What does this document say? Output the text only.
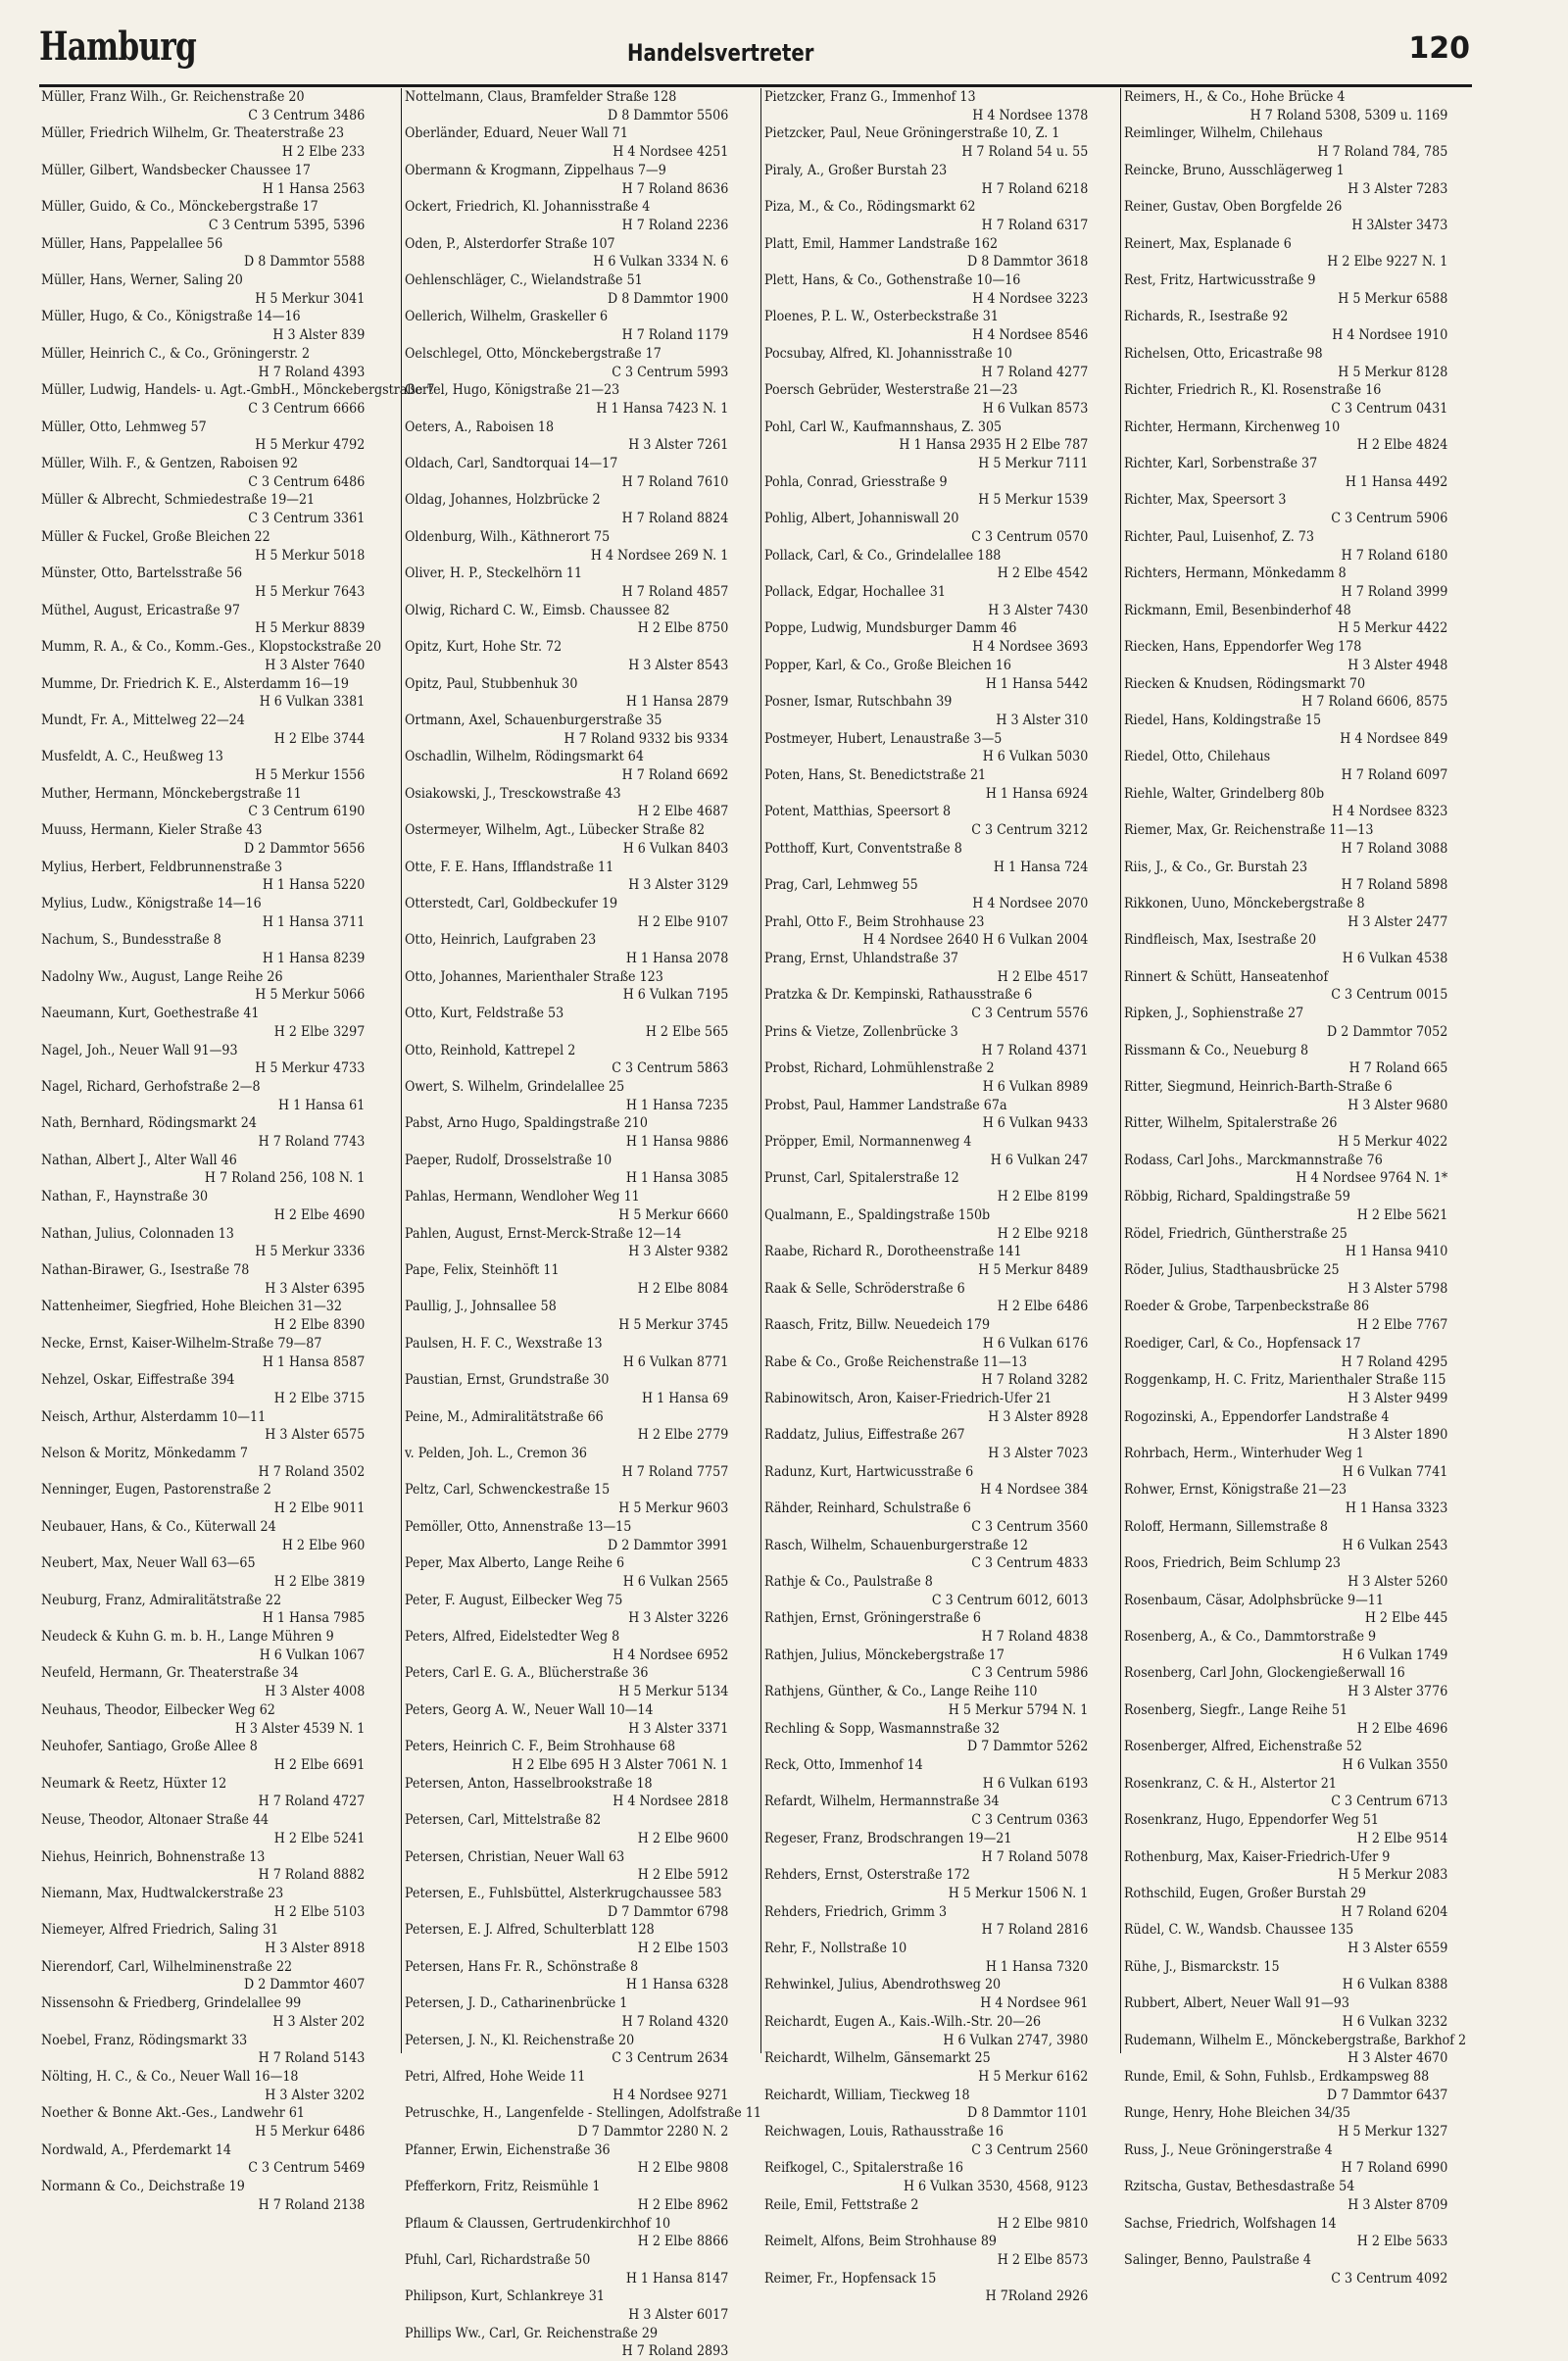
Hamburg	Handelsvertreter	120
Müller, Franz Wilh., Gr. Reichenstraße 20
C 3 Centrum 3486
Müller, Friedrich Wilhelm, Gr. Theaterstraße 23
H 2 Elbe 233
Müller, Gilbert, Wandsbecker Chaussee 17
H 1 Hansa 2563
Müller, Guido, & Co., Mönckebergstraße 17
C 3 Centrum 5395, 5396
Müller, Hans, Pappelallee 56
D 8 Dammtor 5588
Müller, Hans, Werner, Saling 20
H 5 Merkur 3041
Müller, Hugo, & Co., Königstraße 14—16
H 3 Alster 839
Müller, Heinrich C., & Co., Gröningerstr. 2
H 7 Roland 4393
Müller, Ludwig, Handels- u. Agt.-GmbH., Mönckebergstraße 7
C 3 Centrum 6666
Müller, Otto, Lehmweg 57
H 5 Merkur 4792
Müller, Wilh. F., & Gentzen, Raboisen 92
C 3 Centrum 6486
Müller & Albrecht, Schmiedestraße 19—21
C 3 Centrum 3361
Müller & Fuckel, Große Bleichen 22
H 5 Merkur 5018
Münster, Otto, Bartelsstraße 56
H 5 Merkur 7643
Müthel, August, Ericastraße 97
H 5 Merkur 8839
Mumm, R. A., & Co., Komm.-Ges., Klopstockstraße 20
H 3 Alster 7640
Mumme, Dr. Friedrich K. E., Alsterdamm 16—19
H 6 Vulkan 3381
Mundt, Fr. A., Mittelweg 22—24
H 2 Elbe 3744
Musfeldt, A. C., Heußweg 13
H 5 Merkur 1556
Muther, Hermann, Mönckebergstraße 11
C 3 Centrum 6190
Muuss, Hermann, Kieler Straße 43
D 2 Dammtor 5656
Mylius, Herbert, Feldbrunnenstraße 3
H 1 Hansa 5220
Mylius, Ludw., Königstraße 14—16
H 1 Hansa 3711
Nachum, S., Bundesstraße 8
H 1 Hansa 8239
Nadolny Ww., August, Lange Reihe 26
H 5 Merkur 5066
Naeumann, Kurt, Goethestraße 41
H 2 Elbe 3297
Nagel, Joh., Neuer Wall 91—93
H 5 Merkur 4733
Nagel, Richard, Gerhofstraße 2—8
H 1 Hansa 61
Nath, Bernhard, Rödingsmarkt 24
H 7 Roland 7743
Nathan, Albert J., Alter Wall 46
H 7 Roland 256, 108 N. 1
Nathan, F., Haynstraße 30
H 2 Elbe 4690
Nathan, Julius, Colonnaden 13
H 5 Merkur 3336
Nathan-Birawer, G., Isestraße 78
H 3 Alster 6395
Nattenheimer, Siegfried, Hohe Bleichen 31—32
H 2 Elbe 8390
Necke, Ernst, Kaiser-Wilhelm-Straße 79—87
H 1 Hansa 8587
Nehzel, Oskar, Eiffestraße 394
H 2 Elbe 3715
Neisch, Arthur, Alsterdamm 10—11
H 3 Alster 6575
Nelson & Moritz, Mönkedamm 7
H 7 Roland 3502
Nenninger, Eugen, Pastorenstraße 2
H 2 Elbe 9011
Neubauer, Hans, & Co., Küterwall 24
H 2 Elbe 960
Neubert, Max, Neuer Wall 63—65
H 2 Elbe 3819
Neuburg, Franz, Admiralitätstraße 22
H 1 Hansa 7985
Neudeck & Kuhn G. m. b. H., Lange Mühren 9
H 6 Vulkan 1067
Neufeld, Hermann, Gr. Theaterstraße 34
H 3 Alster 4008
Neuhaus, Theodor, Eilbecker Weg 62
H 3 Alster 4539 N. 1
Neuhofer, Santiago, Große Allee 8
H 2 Elbe 6691
Neumark & Reetz, Hüxter 12
H 7 Roland 4727
Neuse, Theodor, Altonaer Straße 44
H 2 Elbe 5241
Niehus, Heinrich, Bohnenstraße 13
H 7 Roland 8882
Niemann, Max, Hudtwalckerstraße 23
H 2 Elbe 5103
Niemeyer, Alfred Friedrich, Saling 31
H 3 Alster 8918
Nierendorf, Carl, Wilhelminenstraße 22
D 2 Dammtor 4607
Nissensohn & Friedberg, Grindelallee 99
H 3 Alster 202
Noebel, Franz, Rödingsmarkt 33
H 7 Roland 5143
Nölting, H. C., & Co., Neuer Wall 16—18
H 3 Alster 3202
Noether & Bonne Akt.-Ges., Landwehr 61
H 5 Merkur 6486
Nordwald, A., Pferdemarkt 14
C 3 Centrum 5469
Normann & Co., Deichstraße 19
H 7 Roland 2138
Nottelmann, Claus, Bramfelder Straße 128
D 8 Dammtor 5506
Oberländer, Eduard, Neuer Wall 71
H 4 Nordsee 4251
Obermann & Krogmann, Zippelhaus 7—9
H 7 Roland 8636
Ockert, Friedrich, Kl. Johannisstraße 4
H 7 Roland 2236
Oden, P., Alsterdorfer Straße 107
H 6 Vulkan 3334 N. 6
Oehlenschläger, C., Wielandstraße 51
D 8 Dammtor 1900
Oellerich, Wilhelm, Graskeller 6
H 7 Roland 1179
Oelschlegel, Otto, Mönckebergstraße 17
C 3 Centrum 5993
Oertel, Hugo, Königstraße 21—23
H 1 Hansa 7423 N. 1
Oeters, A., Raboisen 18
H 3 Alster 7261
Oldach, Carl, Sandtorquai 14—17
H 7 Roland 7610
Oldag, Johannes, Holzbrücke 2
H 7 Roland 8824
Oldenburg, Wilh., Käthnerort 75
H 4 Nordsee 269 N. 1
Oliver, H. P., Steckelhörn 11
H 7 Roland 4857
Olwig, Richard C. W., Eimsb. Chaussee 82
H 2 Elbe 8750
Opitz, Kurt, Hohe Str. 72
H 3 Alster 8543
Opitz, Paul, Stubbenhuk 30
H 1 Hansa 2879
Ortmann, Axel, Schauenburgerstraße 35
H 7 Roland 9332 bis 9334
Oschadlin, Wilhelm, Rödingsmarkt 64
H 7 Roland 6692
Osiakowski, J., Tresckowstraße 43
H 2 Elbe 4687
Ostermeyer, Wilhelm, Agt., Lübecker Straße 82
H 6 Vulkan 8403
Otte, F. E. Hans, Ifflandstraße 11
H 3 Alster 3129
Otterstedt, Carl, Goldbeckufer 19
H 2 Elbe 9107
Otto, Heinrich, Laufgraben 23
H 1 Hansa 2078
Otto, Johannes, Marienthaler Straße 123
H 6 Vulkan 7195
Otto, Kurt, Feldstraße 53
H 2 Elbe 565
Otto, Reinhold, Kattrepel 2
C 3 Centrum 5863
Owert, S. Wilhelm, Grindelallee 25
H 1 Hansa 7235
Pabst, Arno Hugo, Spaldingstraße 210
H 1 Hansa 9886
Paeper, Rudolf, Drosselstraße 10
H 1 Hansa 3085
Pahlas, Hermann, Wendloher Weg 11
H 5 Merkur 6660
Pahlen, August, Ernst-Merck-Straße 12—14
H 3 Alster 9382
Pape, Felix, Steinhöft 11
H 2 Elbe 8084
Paullig, J., Johnsallee 58
H 5 Merkur 3745
Paulsen, H. F. C., Wexstraße 13
H 6 Vulkan 8771
Paustian, Ernst, Grundstraße 30
H 1 Hansa 69
Peine, M., Admiralitätstraße 66
H 2 Elbe 2779
v. Pelden, Joh. L., Cremon 36
H 7 Roland 7757
Peltz, Carl, Schwenckestraße 15
H 5 Merkur 9603
Pemöller, Otto, Annenstraße 13—15
D 2 Dammtor 3991
Peper, Max Alberto, Lange Reihe 6
H 6 Vulkan 2565
Peter, F. August, Eilbecker Weg 75
H 3 Alster 3226
Peters, Alfred, Eidelstedter Weg 8
H 4 Nordsee 6952
Peters, Carl E. G. A., Blücherstraße 36
H 5 Merkur 5134
Peters, Georg A. W., Neuer Wall 10—14
H 3 Alster 3371
Peters, Heinrich C. F., Beim Strohhause 68
H 2 Elbe 695 H 3 Alster 7061 N. 1
Petersen, Anton, Hasselbrookstraße 18
H 4 Nordsee 2818
Petersen, Carl, Mittelstraße 82
H 2 Elbe 9600
Petersen, Christian, Neuer Wall 63
H 2 Elbe 5912
Petersen, E., Fuhlsbüttel, Alsterkrugchaussee 583
D 7 Dammtor 6798
Petersen, E. J. Alfred, Schulterblatt 128
H 2 Elbe 1503
Petersen, Hans Fr. R., Schönstraße 8
H 1 Hansa 6328
Petersen, J. D., Catharinenbrücke 1
H 7 Roland 4320
Petersen, J. N., Kl. Reichenstraße 20
C 3 Centrum 2634
Petri, Alfred, Hohe Weide 11
H 4 Nordsee 9271
Petruschke, H., Langenfelde - Stellingen, Adolfstraße 11
D 7 Dammtor 2280 N. 2
Pfanner, Erwin, Eichenstraße 36
H 2 Elbe 9808
Pfefferkorn, Fritz, Reismühle 1
H 2 Elbe 8962
Pflaum & Claussen, Gertrudenkirchhof 10
H 2 Elbe 8866
Pfuhl, Carl, Richardstraße 50
H 1 Hansa 8147
Philipson, Kurt, Schlankreye 31
H 3 Alster 6017
Phillips Ww., Carl, Gr. Reichenstraße 29
H 7 Roland 2893
Pietzcker, Franz G., Immenhof 13
H 4 Nordsee 1378
Pietzcker, Paul, Neue Gröningerstraße 10, Z. 1
H 7 Roland 54 u. 55
Piraly, A., Großer Burstah 23
H 7 Roland 6218
Piza, M., & Co., Rödingsmarkt 62
H 7 Roland 6317
Platt, Emil, Hammer Landstraße 162
D 8 Dammtor 3618
Plett, Hans, & Co., Gothenstraße 10—16
H 4 Nordsee 3223
Ploenes, P. L. W., Osterbeckstraße 31
H 4 Nordsee 8546
Pocsubay, Alfred, Kl. Johannisstraße 10
H 7 Roland 4277
Poersch Gebrüder, Westerstraße 21—23
H 6 Vulkan 8573
Pohl, Carl W., Kaufmannshaus, Z. 305
H 1 Hansa 2935 H 2 Elbe 787
H 5 Merkur 7111
Pohla, Conrad, Griesstraße 9
H 5 Merkur 1539
Pohlig, Albert, Johanniswall 20
C 3 Centrum 0570
Pollack, Carl, & Co., Grindelallee 188
H 2 Elbe 4542
Pollack, Edgar, Hochallee 31
H 3 Alster 7430
Poppe, Ludwig, Mundsburger Damm 46
H 4 Nordsee 3693
Popper, Karl, & Co., Große Bleichen 16
H 1 Hansa 5442
Posner, Ismar, Rutschbahn 39
H 3 Alster 310
Postmeyer, Hubert, Lenaustraße 3—5
H 6 Vulkan 5030
Poten, Hans, St. Benedictstraße 21
H 1 Hansa 6924
Potent, Matthias, Speersort 8
C 3 Centrum 3212
Potthoff, Kurt, Conventstraße 8
H 1 Hansa 724
Prag, Carl, Lehmweg 55
H 4 Nordsee 2070
Prahl, Otto F., Beim Strohhause 23
H 4 Nordsee 2640 H 6 Vulkan 2004
Prang, Ernst, Uhlandstraße 37
H 2 Elbe 4517
Pratzka & Dr. Kempinski, Rathausstraße 6
C 3 Centrum 5576
Prins & Vietze, Zollenbrücke 3
H 7 Roland 4371
Probst, Richard, Lohmühlenstraße 2
H 6 Vulkan 8989
Probst, Paul, Hammer Landstraße 67a
H 6 Vulkan 9433
Pröpper, Emil, Normannenweg 4
H 6 Vulkan 247
Prunst, Carl, Spitalerstraße 12
H 2 Elbe 8199
Qualmann, E., Spaldingstraße 150b
H 2 Elbe 9218
Raabe, Richard R., Dorotheenstraße 141
H 5 Merkur 8489
Raak & Selle, Schröderstraße 6
H 2 Elbe 6486
Raasch, Fritz, Billw. Neuedeich 179
H 6 Vulkan 6176
Rabe & Co., Große Reichenstraße 11—13
H 7 Roland 3282
Rabinowitsch, Aron, Kaiser-Friedrich-Ufer 21
H 3 Alster 8928
Raddatz, Julius, Eiffestraße 267
H 3 Alster 7023
Radunz, Kurt, Hartwicusstraße 6
H 4 Nordsee 384
Rähder, Reinhard, Schulstraße 6
C 3 Centrum 3560
Rasch, Wilhelm, Schauenburgerstraße 12
C 3 Centrum 4833
Rathje & Co., Paulstraße 8
C 3 Centrum 6012, 6013
Rathjen, Ernst, Gröningerstraße 6
H 7 Roland 4838
Rathjen, Julius, Mönckebergstraße 17
C 3 Centrum 5986
Rathjens, Günther, & Co., Lange Reihe 110
H 5 Merkur 5794 N. 1
Rechling & Sopp, Wasmannstraße 32
D 7 Dammtor 5262
Reck, Otto, Immenhof 14
H 6 Vulkan 6193
Refardt, Wilhelm, Hermannstraße 34
C 3 Centrum 0363
Regeser, Franz, Brodschrangen 19—21
H 7 Roland 5078
Rehders, Ernst, Osterstraße 172
H 5 Merkur 1506 N. 1
Rehders, Friedrich, Grimm 3
H 7 Roland 2816
Rehr, F., Nollstraße 10
H 1 Hansa 7320
Rehwinkel, Julius, Abendrothsweg 20
H 4 Nordsee 961
Reichardt, Eugen A., Kais.-Wilh.-Str. 20—26
H 6 Vulkan 2747, 3980
Reichardt, Wilhelm, Gänsemarkt 25
H 5 Merkur 6162
Reichardt, William, Tieckweg 18
D 8 Dammtor 1101
Reichwagen, Louis, Rathausstraße 16
C 3 Centrum 2560
Reifkogel, C., Spitalerstraße 16
H 6 Vulkan 3530, 4568, 9123
Reile, Emil, Fettstraße 2
H 2 Elbe 9810
Reimelt, Alfons, Beim Strohhause 89
H 2 Elbe 8573
Reimer, Fr., Hopfensack 15
H 7Roland 2926
Reimers, H., & Co., Hohe Brücke 4
H 7 Roland 5308, 5309 u. 1169
Reimlinger, Wilhelm, Chilehaus
H 7 Roland 784, 785
Reincke, Bruno, Ausschlägerweg 1
H 3 Alster 7283
Reiner, Gustav, Oben Borgfelde 26
H 3Alster 3473
Reinert, Max, Esplanade 6
H 2 Elbe 9227 N. 1
Rest, Fritz, Hartwicusstraße 9
H 5 Merkur 6588
Richards, R., Isestraße 92
H 4 Nordsee 1910
Richelsen, Otto, Ericastraße 98
H 5 Merkur 8128
Richter, Friedrich R., Kl. Rosenstraße 16
C 3 Centrum 0431
Richter, Hermann, Kirchenweg 10
H 2 Elbe 4824
Richter, Karl, Sorbenstraße 37
H 1 Hansa 4492
Richter, Max, Speersort 3
C 3 Centrum 5906
Richter, Paul, Luisenhof, Z. 73
H 7 Roland 6180
Richters, Hermann, Mönkedamm 8
H 7 Roland 3999
Rickmann, Emil, Besenbinderhof 48
H 5 Merkur 4422
Riecken, Hans, Eppendorfer Weg 178
H 3 Alster 4948
Riecken & Knudsen, Rödingsmarkt 70
H 7 Roland 6606, 8575
Riedel, Hans, Koldingstraße 15
H 4 Nordsee 849
Riedel, Otto, Chilehaus
H 7 Roland 6097
Riehle, Walter, Grindelberg 80b
H 4 Nordsee 8323
Riemer, Max, Gr. Reichenstraße 11—13
H 7 Roland 3088
Riis, J., & Co., Gr. Burstah 23
H 7 Roland 5898
Rikkonen, Uuno, Mönckebergstraße 8
H 3 Alster 2477
Rindfleisch, Max, Isestraße 20
H 6 Vulkan 4538
Rinnert & Schütt, Hanseatenhof
C 3 Centrum 0015
Ripken, J., Sophienstraße 27
D 2 Dammtor 7052
Rissmann & Co., Neueburg 8
H 7 Roland 665
Ritter, Siegmund, Heinrich-Barth-Straße 6
H 3 Alster 9680
Ritter, Wilhelm, Spitalerstraße 26
H 5 Merkur 4022
Rodass, Carl Johs., Marckmannstraße 76
H 4 Nordsee 9764 N. 1*
Röbbig, Richard, Spaldingstraße 59
H 2 Elbe 5621
Rödel, Friedrich, Güntherstraße 25
H 1 Hansa 9410
Röder, Julius, Stadthausbrücke 25
H 3 Alster 5798
Roeder & Grobe, Tarpenbeckstraße 86
H 2 Elbe 7767
Roediger, Carl, & Co., Hopfensack 17
H 7 Roland 4295
Roggenkamp, H. C. Fritz, Marienthaler Straße 115
H 3 Alster 9499
Rogozinski, A., Eppendorfer Landstraße 4
H 3 Alster 1890
Rohrbach, Herm., Winterhuder Weg 1
H 6 Vulkan 7741
Rohwer, Ernst, Königstraße 21—23
H 1 Hansa 3323
Roloff, Hermann, Sillemstraße 8
H 6 Vulkan 2543
Roos, Friedrich, Beim Schlump 23
H 3 Alster 5260
Rosenbaum, Cäsar, Adolphsbrücke 9—11
H 2 Elbe 445
Rosenberg, A., & Co., Dammtorstraße 9
H 6 Vulkan 1749
Rosenberg, Carl John, Glockengießerwall 16
H 3 Alster 3776
Rosenberg, Siegfr., Lange Reihe 51
H 2 Elbe 4696
Rosenberger, Alfred, Eichenstraße 52
H 6 Vulkan 3550
Rosenkranz, C. & H., Alstertor 21
C 3 Centrum 6713
Rosenkranz, Hugo, Eppendorfer Weg 51
H 2 Elbe 9514
Rothenburg, Max, Kaiser-Friedrich-Ufer 9
H 5 Merkur 2083
Rothschild, Eugen, Großer Burstah 29
H 7 Roland 6204
Rüdel, C. W., Wandsb. Chaussee 135
H 3 Alster 6559
Rühe, J., Bismarckstr. 15
H 6 Vulkan 8388
Rubbert, Albert, Neuer Wall 91—93
H 6 Vulkan 3232
Rudemann, Wilhelm E., Mönckebergstraße, Barkhof 2
H 3 Alster 4670
Runde, Emil, & Sohn, Fuhlsb., Erdkampsweg 88
D 7 Dammtor 6437
Runge, Henry, Hohe Bleichen 34/35
H 5 Merkur 1327
Russ, J., Neue Gröningerstraße 4
H 7 Roland 6990
Rzitscha, Gustav, Bethesdastraße 54
H 3 Alster 8709
Sachse, Friedrich, Wolfshagen 14
H 2 Elbe 5633
Salinger, Benno, Paulstraße 4
C 3 Centrum 4092
